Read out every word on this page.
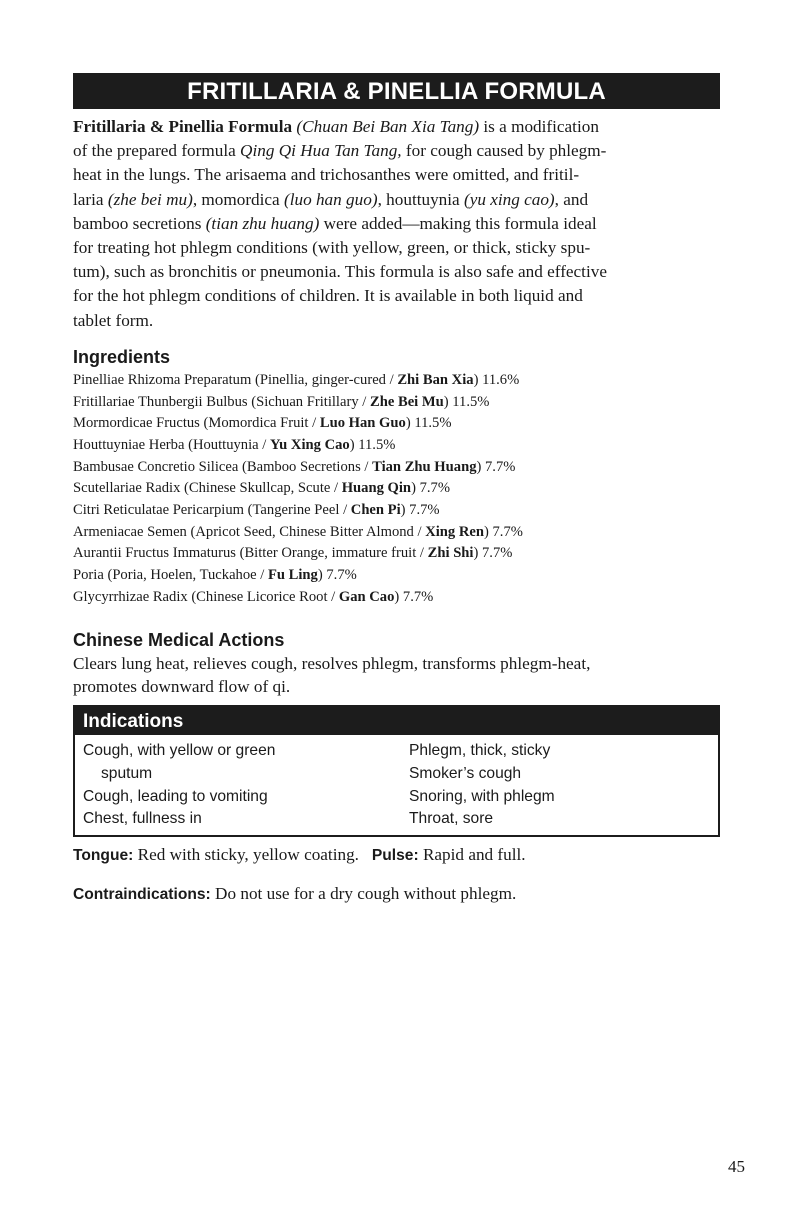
FRITILLARIA & PINELLIA FORMULA
Fritillaria & Pinellia Formula (Chuan Bei Ban Xia Tang) is a modification
of the prepared formula Qing Qi Hua Tan Tang, for cough caused by phlegm-
heat in the lungs. The arisaema and trichosanthes were omitted, and fritil-
laria (zhe bei mu), momordica (luo han guo), houttuynia (yu xing cao), and
bamboo secretions (tian zhu huang) were added—making this formula ideal
for treating hot phlegm conditions (with yellow, green, or thick, sticky spu-
tum), such as bronchitis or pneumonia. This formula is also safe and effective
for the hot phlegm conditions of children. It is available in both liquid and
tablet form.
Ingredients
Pinelliae Rhizoma Preparatum (Pinellia, ginger-cured / Zhi Ban Xia) 11.6%
Fritillariae Thunbergii Bulbus (Sichuan Fritillary / Zhe Bei Mu) 11.5%
Mormordicae Fructus (Momordica Fruit / Luo Han Guo) 11.5%
Houttuyniae Herba (Houttuynia / Yu Xing Cao) 11.5%
Bambusae Concretio Silicea (Bamboo Secretions / Tian Zhu Huang) 7.7%
Scutellariae Radix (Chinese Skullcap, Scute / Huang Qin) 7.7%
Citri Reticulatae Pericarpium (Tangerine Peel / Chen Pi) 7.7%
Armeniacae Semen (Apricot Seed, Chinese Bitter Almond / Xing Ren) 7.7%
Aurantii Fructus Immaturus (Bitter Orange, immature fruit / Zhi Shi) 7.7%
Poria (Poria, Hoelen, Tuckahoe / Fu Ling) 7.7%
Glycyrrhizae Radix (Chinese Licorice Root / Gan Cao) 7.7%
Chinese Medical Actions
Clears lung heat, relieves cough, resolves phlegm, transforms phlegm-heat,
promotes downward flow of qi.
Indications
Cough, with yellow or green
sputum
Cough, leading to vomiting
Chest, fullness in
Phlegm, thick, sticky
Smoker’s cough
Snoring, with phlegm
Throat, sore
Tongue: Red with sticky, yellow coating. Pulse: Rapid and full.
Contraindications: Do not use for a dry cough without phlegm.
45
